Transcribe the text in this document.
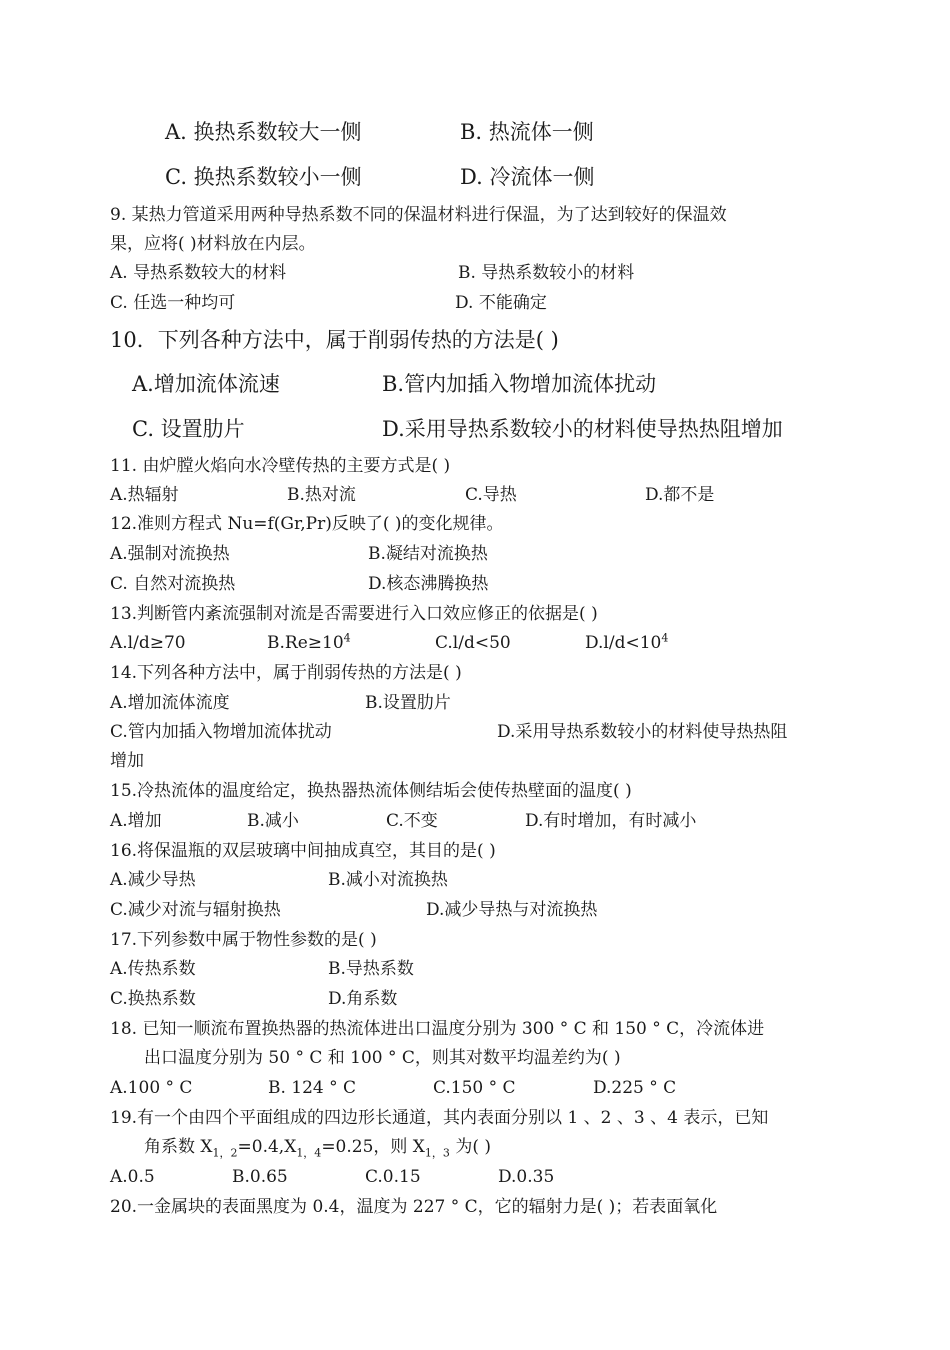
A. 换热系数较大一侧	B. 热流体一侧
C. 换热系数较小一侧	D. 冷流体一侧
9. 某热力管道采用两种导热系数不同的保温材料进行保温，为了达到较好的保温效
果，应将( )材料放在内层。
A. 导热系数较大的材料	B. 导热系数较小的材料
C. 任选一种均可	D. 不能确定
10．下列各种方法中，属于削弱传热的方法是( )
A.增加流体流速	B.管内加插入物增加流体扰动
C. 设置肋片	D.采用导热系数较小的材料使导热热阻增加
11. 由炉膛火焰向水冷壁传热的主要方式是( )
A.热辐射	B.热对流	C.导热	D.都不是
12.准则方程式 Nu=f(Gr,Pr)反映了( )的变化规律。
A.强制对流换热	B.凝结对流换热
C. 自然对流换热	D.核态沸腾换热
13.判断管内紊流强制对流是否需要进行入口效应修正的依据是( )
A.l/d≥70	$B.Re\ge 10^4$	C.l/d<50	$D.l/d<10^4$
14.下列各种方法中，属于削弱传热的方法是( )
A.增加流体流度	B.设置肋片
C.管内加插入物增加流体扰动	D.采用导热系数较小的材料使导热热阻
增加
15.冷热流体的温度给定，换热器热流体侧结垢会使传热壁面的温度( )
A.增加	B.减小	C.不变	D.有时增加，有时减小
16.将保温瓶的双层玻璃中间抽成真空，其目的是( )
A.减少导热	B.减小对流换热
C.减少对流与辐射换热	D.减少导热与对流换热
17.下列参数中属于物性参数的是( )
A.传热系数	B.导热系数
C.换热系数	D.角系数
18. 已知一顺流布置换热器的热流体进出口温度分别为 300 ° C 和 150 ° C，冷流体进
出口温度分别为 50 ° C 和 100 ° C，则其对数平均温差约为( )
A.100 ° C	B. 124 ° C	C.150 ° C	D.225 ° C
19.有一个由四个平面组成的四边形长通道，其内表面分别以 1 、2 、3 、4 表示，已知
角系数 $X_{1,2}=0.4,X_{1,4}=0.25$，则 $X_{1,3}$ 为( )
A.0.5	B.0.65	C.0.15	D.0.35
20.一金属块的表面黑度为 0.4，温度为 227 ° C，它的辐射力是( )；若表面氧化
